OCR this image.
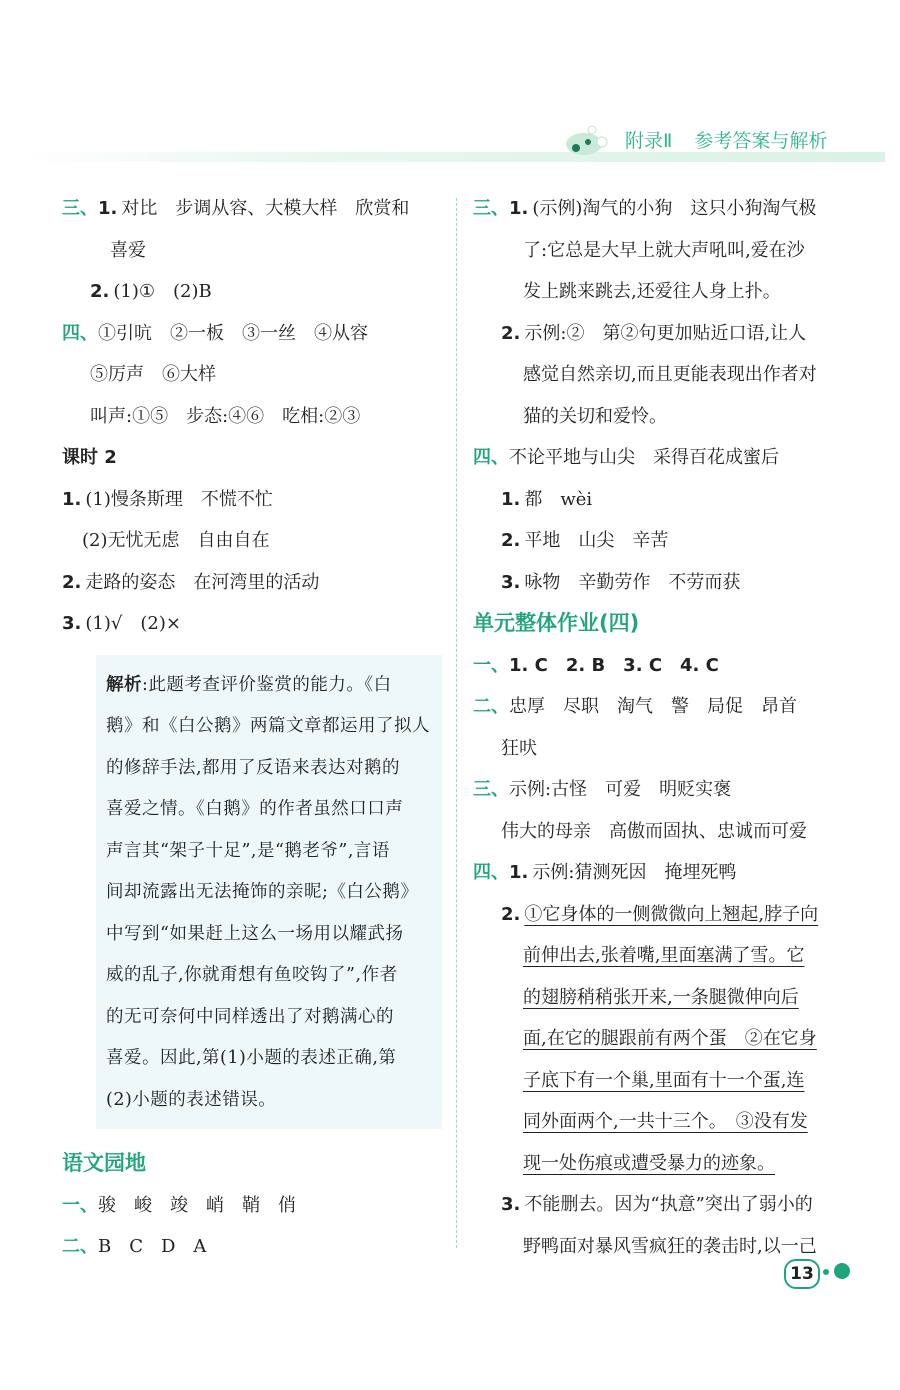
附录Ⅱ 参考答案与解析
三、1. 对比　步调从容、大模大样　欣赏和
喜爱
2. (1)①　(2)B
四、①引吭　②一板　③一丝　④从容
⑤厉声　⑥大样
叫声:①⑤　步态:④⑥　吃相:②③
课时 2
1. (1)慢条斯理　不慌不忙
(2)无忧无虑　自由自在
2. 走路的姿态　在河湾里的活动
3. (1)√　(2)×
解析:此题考查评价鉴赏的能力。《白
鹅》和《白公鹅》两篇文章都运用了拟人
的修辞手法,都用了反语来表达对鹅的
喜爱之情。《白鹅》的作者虽然口口声
声言其“架子十足”,是“鹅老爷”,言语
间却流露出无法掩饰的亲昵;《白公鹅》
中写到“如果赶上这么一场用以耀武扬
威的乱子,你就甭想有鱼咬钩了”,作者
的无可奈何中同样透出了对鹅满心的
喜爱。因此,第(1)小题的表述正确,第
(2)小题的表述错误。
语文园地
一、骏　峻　竣　峭　鞘　俏
二、B　C　D　A
三、1. (示例)淘气的小狗　这只小狗淘气极
了:它总是大早上就大声吼叫,爱在沙
发上跳来跳去,还爱往人身上扑。
2. 示例:②　第②句更加贴近口语,让人
感觉自然亲切,而且更能表现出作者对
猫的关切和爱怜。
四、不论平地与山尖　采得百花成蜜后
1. 都　wèi
2. 平地　山尖　辛苦
3. 咏物　辛勤劳作　不劳而获
单元整体作业(四)
一、1. C　2. B　3. C　4. C
二、忠厚　尽职　淘气　警　局促　昂首
狂吠
三、示例:古怪　可爱　明贬实褒
伟大的母亲　高傲而固执、忠诚而可爱
四、1. 示例:猜测死因　掩埋死鸭
2. ①它身体的一侧微微向上翘起,脖子向
前伸出去,张着嘴,里面塞满了雪。它
的翅膀稍稍张开来,一条腿微伸向后
面,在它的腿跟前有两个蛋　②在它身
子底下有一个巢,里面有十一个蛋,连
同外面两个,一共十三个。　③没有发
现一处伤痕或遭受暴力的迹象。
3. 不能删去。因为“执意”突出了弱小的
野鸭面对暴风雪疯狂的袭击时,以一己
13
